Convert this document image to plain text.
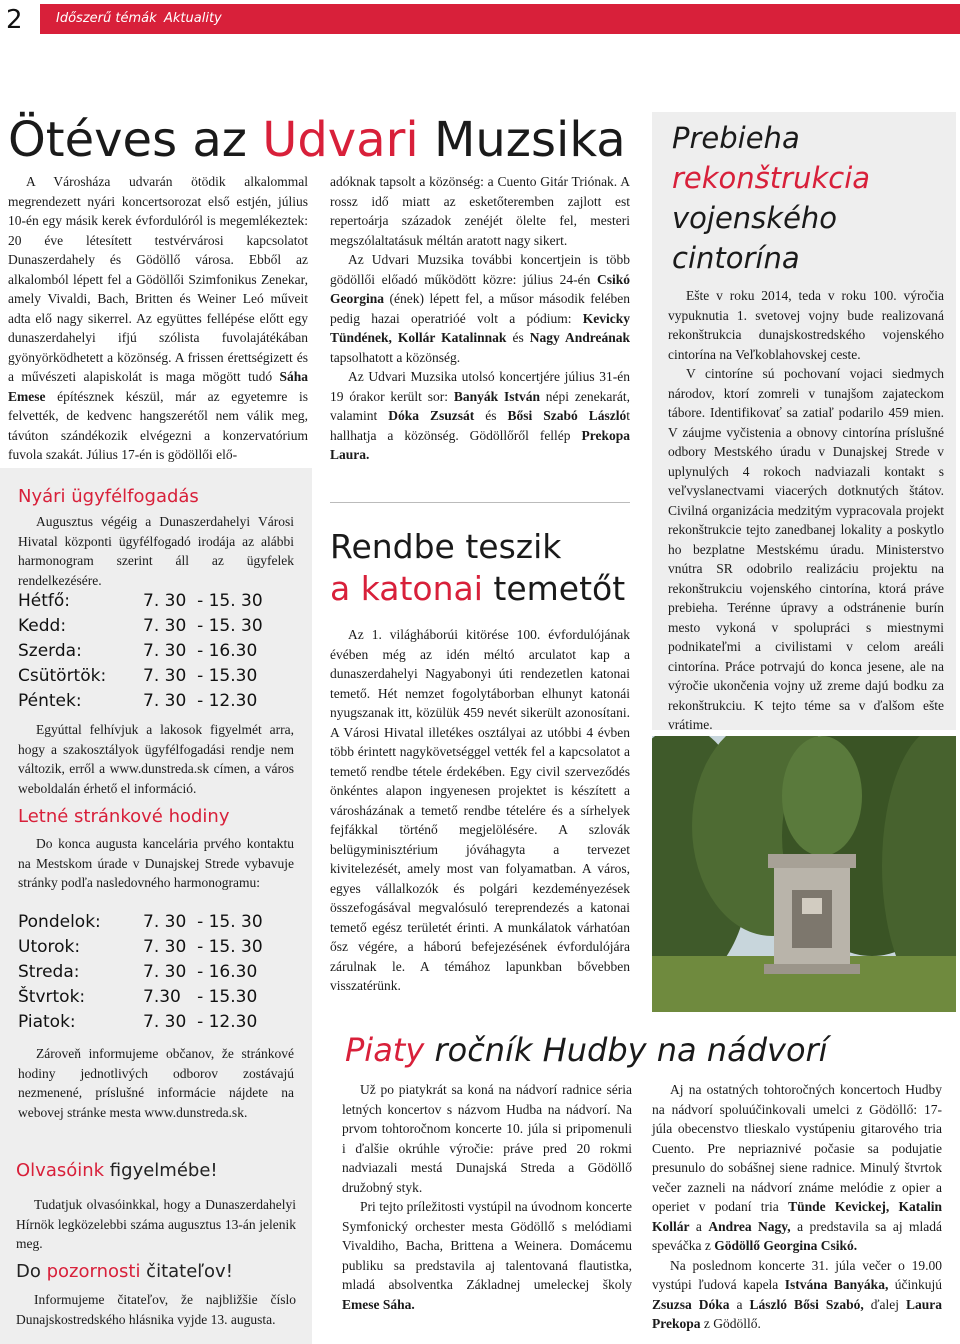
2	Időszerű témák Aktuality
Ötéves az Udvari Muzsika
A Városháza udvarán ötödik alkalommal megrendezett nyári koncertsorozat első estjén, július 10-én egy másik kerek évfordulóról is megemlékeztek: 20 éve létesített testvérvárosi kapcsolatot Dunaszerdahely és Gödöllő városa. Ebből az alkalomból lépett fel a Gödöllői Szimfonikus Zenekar, amely Vivaldi, Bach, Britten és Weiner Leó műveit adta elő nagy sikerrel. Az együttes fellépése előtt egy dunaszerdahelyi ifjú szólista fuvolajátékában gyönyörködhetett a közönség. A frissen érettségizett és a művészeti alapiskolát is maga mögött tudó Sáha Emese építésznek készül, már az egyetemre is felvették, de kedvenc hangszerétől nem válik meg, távúton szándékozik elvégezni a konzervatórium fuvola szakát. Július 17-én is gödöllői elő-
Nyári ügyfélfogadás
Augusztus végéig a Dunaszerdahelyi Városi Hivatal központi ügyfélfogadó irodája az alábbi harmonogram szerint áll az ügyfelek rendelkezésére.
Hétfő:	7. 30  - 15. 30
Kedd:	7. 30  - 15. 30
Szerda:	7. 30  - 16.30
Csütörtök:	7. 30  - 15.30
Péntek:	7. 30  - 12.30
Egyúttal felhívjuk a lakosok figyelmét arra, hogy a szakosztályok ügyfélfogadási rendje nem változik, erről a www.dunstreda.sk címen, a város weboldalán érhető el információ.
Letné stránkové hodiny
Do konca augusta kancelária prvého kontaktu na Mestskom úrade v Dunajskej Strede vybavuje stránky podľa nasledovného harmonogramu:
Pondelok:	7. 30  - 15. 30
Utorok:	7. 30  - 15. 30
Streda:	7. 30  - 16.30
Štvrtok:	7.30   - 15.30
Piatok:	7. 30  - 12.30
Zároveň informujeme občanov, že stránkové hodiny jednotlivých odborov zostávajú nezmenené, príslušné informácie nájdete na webovej stránke mesta www.dunstreda.sk.
Olvasóink figyelmébe!
Tudatjuk olvasóinkkal, hogy a Dunaszerdahelyi Hírnök legközelebbi száma augusztus 13-án jelenik meg.
Do pozornosti čitateľov!
Informujeme čitateľov, že najbližšie číslo Dunajskostredského hlásnika vyjde 13. augusta.

adóknak tapsolt a közönség: a Cuento Gitár Triónak. A rossz idő miatt az esketőteremben zajlott est repertoárja századok zenéjét ölelte fel, mesteri megszólaltatásuk méltán aratott nagy sikert.

Az Udvari Muzsika további koncertjein is több gödöllői előadó működött közre: július 24-én Csikó Georgina (ének) lépett fel, a műsor második felében pedig hazai operatrióé volt a pódium: Kevicky Tündének, Kollár Katalinnak és Nagy Andreának tapsolhatott a közönség.

Az Udvari Muzsika utolsó koncertjére július 31-én 19 órakor került sor: Banyák István népi zenekarát, valamint Dóka Zsuzsát és Bősi Szabó Lászlót hallhatja a közönség. Gödöllőről fellép Prekopa Laura.

Rendbe teszik
a katonai temetőt
Az 1. világháborúi kitörése 100. évfordulójának évében még az idén méltó arculatot kap a dunaszerdahelyi Nagyabonyi úti rendezetlen katonai temető. Hét nemzet fogolytáborban elhunyt katonái nyugszanak itt, közülük 459 nevét sikerült azonosítani. A Városi Hivatal illetékes osztályai az utóbbi 4 évben több érintett nagykövetséggel vették fel a kapcsolatot a temető rendbe tétele érdekében. Egy civil szerveződés önkéntes alapon ingyenesen projektet is készített a városházának a temető rendbe tételére és a sírhelyek fejfákkal történő megjelölésére. A szlovák belügyminisztérium jóváhagyta a tervezet kivitelezését, amely most van folyamatban. A város, egyes vállalkozók és polgári kezdeményezések összefogásával megvalósuló tereprendezés a katonai temető egész területét érinti. A munkálatok várhatóan ősz végére, a háború befejezésének évfordulójára zárulnak le. A témához lapunkban bővebben visszatérünk.
Prebieha
rekonštrukcia
vojenského
cintorína

Ešte v roku 2014, teda v roku 100. výročia vypuknutia 1. svetovej vojny bude realizovaná rekonštrukcia dunajskostredského vojenského cintorína na Veľkoblahovskej ceste.

V cintoríne sú pochovaní vojaci siedmych národov, ktorí zomreli v tunajšom zajateckom tábore. Identifikovať sa zatiaľ podarilo 459 mien. V záujme vyčistenia a obnovy cintorína príslušné odbory Mestského úradu v Dunajskej Strede v uplynulých 4 rokoch nadviazali kontakt s veľvyslanectvami viacerých dotknutých štátov. Civilná organizácia medzitým vypracovala projekt rekonštrukcie tejto zanedbanej lokality a poskytlo ho bezplatne Mestskému úradu. Ministerstvo vnútra SR odobrilo realizáciu projektu na rekonštrukciu vojenského cintorína, ktorá práve prebieha. Terénne úpravy a odstránenie burín mesto vykoná v spolupráci s miestnymi podnikateľmi a civilistami v celom areáli cintorína. Práce potrvajú do konca jesene, ale na výročie ukončenia vojny už zreme dajú bodku za rekonštrukciu. K tejto téme sa v ďalšom ešte vrátime.

Piaty ročník Hudby na nádvorí

Už po piatykrát sa koná na nádvorí radnice séria letných koncertov s názvom Hudba na nádvorí. Na prvom tohtoročnom koncerte 10. júla si pripomenuli i ďalšie okrúhle výročie: práve pred 20 rokmi nadviazali mestá Dunajská Streda a Gödöllő družobný styk.

Pri tejto príležitosti vystúpil na úvodnom koncerte Symfonický orchester mesta Gödöllő s melódiami Vivaldiho, Bacha, Brittena a Weinera. Domácemu publiku sa predstavila aj talentovaná flautistka, mladá absolventka Základnej umeleckej školy Emese Sáha.

Aj na ostatných tohtoročných koncertoch Hudby na nádvorí spoluúčinkovali umelci z Gödöllő: 17- júla obecenstvo tlieskalo vystúpeniu gitarového tria Cuento. Pre nepriaznivé počasie sa podujatie presunulo do sobášnej siene radnice. Minulý štvrtok večer zazneli na nádvorí známe melódie z opier a operiet v podaní tria Tünde Kevickej, Katalin Kollár a Andrea Nagy, a predstavila sa aj mladá speváčka z Gödöllő Georgina Csikó.

Na poslednom koncerte 31. júla večer o 19.00 vystúpi ľudová kapela Istvána Banyáka, účinkujú Zsuzsa Dóka a László Bősi Szabó, ďalej Laura Prekopa z Gödöllő.
